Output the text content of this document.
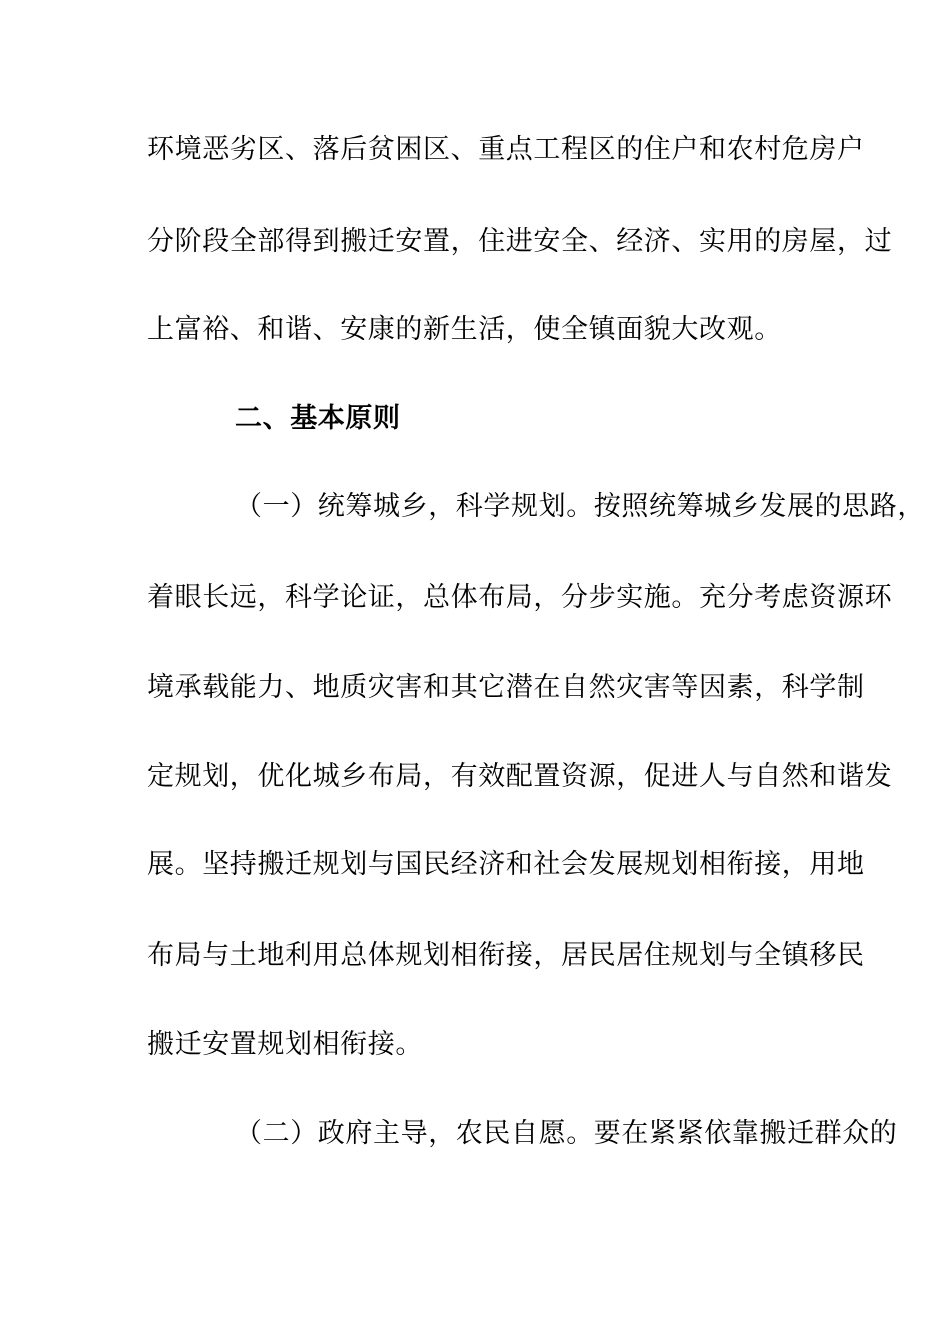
环境恶劣区、落后贫困区、重点工程区的住户和农村危房户
分阶段全部得到搬迁安置，住进安全、经济、实用的房屋，过
上富裕、和谐、安康的新生活，使全镇面貌大改观。
二、基本原则
（一）统筹城乡，科学规划。按照统筹城乡发展的思路，
着眼长远，科学论证，总体布局，分步实施。充分考虑资源环
境承载能力、地质灾害和其它潜在自然灾害等因素，科学制
定规划，优化城乡布局，有效配置资源，促进人与自然和谐发
展。坚持搬迁规划与国民经济和社会发展规划相衔接，用地
布局与土地利用总体规划相衔接，居民居住规划与全镇移民
搬迁安置规划相衔接。
（二）政府主导，农民自愿。要在紧紧依靠搬迁群众的
